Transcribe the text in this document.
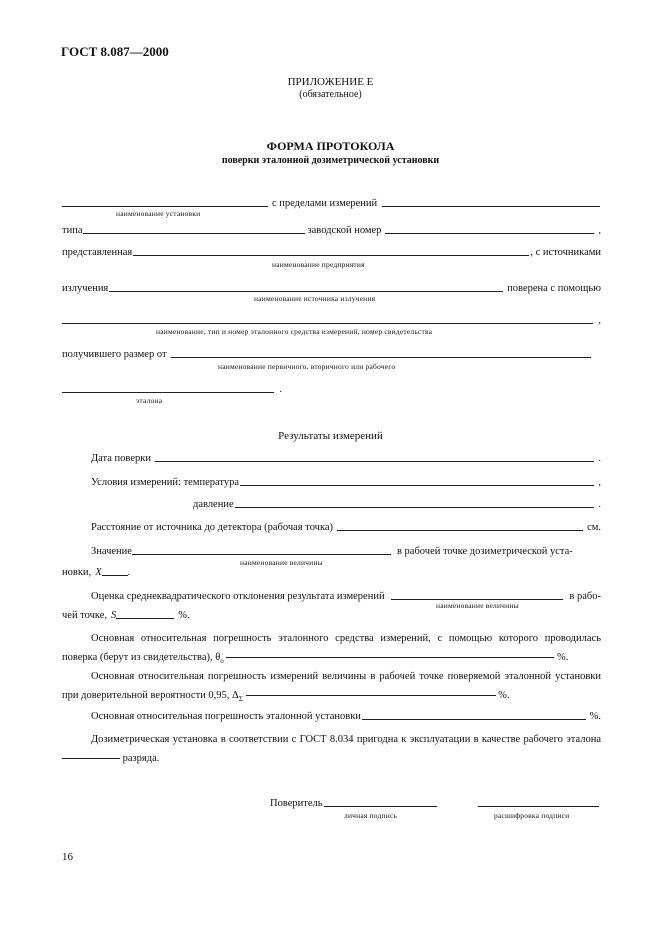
ГОСТ 8.087—2000
ПРИЛОЖЕНИЕ Е
(обязательное)
ФОРМА ПРОТОКОЛА
поверки эталонной дозиметрической установки
с пределами измерений
наименование установки
типа	заводской номер	,
представленная	, с источниками
наименование предприятия
излучения	поверена с помощью
наименование источника излучения
,
наименование, тип и номер эталонного средства измерений, номер свидетельства
получившего размер от
наименование первичного, вторичного или рабочего
.
эталона
Результаты измерений
Дата поверки	.
Условия измерений: температура	,
давление	.
Расстояние от источника до детектора (рабочая точка)	см.
Значение	в рабочей точке дозиметрической уста-
наименование величины
новки, X .
Оценка среднеквадратического отклонения результата измерений	в рабо-
наименование величины
чей точке, S	%.
Основная относительная погрешность эталонного средства измерений, с помощью которого проводилась поверка (берут из свидетельства), $\theta_о$	%.
Основная относительная погрешность измерений величины в рабочей точке поверяемой эталонной установки при доверительной вероятности 0,95, $\Delta_\Sigma$	%.
Основная относительная погрешность эталонной установки	%.
Дозиметрическая установка в соответствии с ГОСТ 8.034 пригодна к эксплуатации в качестве рабочего эталона  разряда.
Поверитель
личная подпись	расшифровка подписи
16
